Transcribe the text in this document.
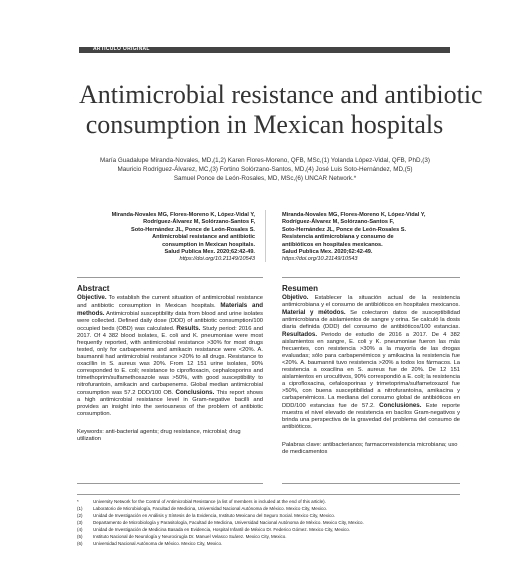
ARTÍCULO ORIGINAL
Antimicrobial resistance and antibiotic
consumption in Mexican hospitals
María Guadalupe Miranda-Novales, MD,(1,2) Karen Flores-Moreno, QFB, MSc,(1) Yolanda López-Vidal, QFB, PhD,(3)
Mauricio Rodríguez-Álvarez, MC,(3) Fortino Solórzano-Santos, MD,(4) José Luis Soto-Hernández, MD,(5)
Samuel Ponce de León-Rosales, MD, MSc,(6) UNCAR Network.*
Miranda-Novales MG, Flores-Moreno K, López-Vidal Y,
Rodríguez-Álvarez M, Solórzano-Santos F,
Soto-Hernández JL, Ponce de León-Rosales S.
Antimicrobial resistance and antibiotic
consumption in Mexican hospitals.
Salud Publica Mex. 2020;62:42-49.
https://doi.org/10.21149/10543
Miranda-Novales MG, Flores-Moreno K, López-Vidal Y,
Rodríguez-Álvarez M, Solórzano-Santos F,
Soto-Hernández JL, Ponce de León-Rosales S.
Resistencia antimicrobiana y consumo de
antibióticos en hospitales mexicanos.
Salud Publica Mex. 2020;62:42-49.
https://doi.org/10.21149/10543
Abstract
Objective. To establish the current situation of antimicrobial resistance and antibiotic consumption in Mexican hospitals. Materials and methods. Antimicrobial susceptibility data from blood and urine isolates were collected. Defined daily dose (DDD) of antibiotic consumption/100 occupied beds (OBD) was calculated. Results. Study period: 2016 and 2017. Of 4 382 blood isolates, E. coli and K. pneumoniae were most frequently reported, with antimicrobial resistance >30% for most drugs tested, only for carbapenems and amikacin resistance were <20%. A. baumannii had antimicrobial resistance >20% to all drugs. Resistance to oxacillin in S. aureus was 20%. From 12 151 urine isolates, 90% corresponded to E. coli; resistance to ciprofloxacin, cephalosporins and trimethoprim/sulfamethoxazole was >50%, with good susceptibility to nitrofurantoin, amikacin and carbapenems. Global median antimicrobial consumption was 57.2 DDD/100 OB. Conclusions. This report shows a high antimicrobial resistance level in Gram-negative bacilli and provides an insight into the seriousness of the problem of antibiotic consumption.
Keywords: anti-bacterial agents; drug resistance, microbial; drug utilization
Resumen
Objetivo. Establecer la situación actual de la resistencia antimicrobiana y el consumo de antibióticos en hospitales mexicanos. Material y métodos. Se colectaron datos de susceptibilidad antimicrobiana de aislamientos de sangre y orina. Se calculó la dosis diaria definida (DDD) del consumo de antibióticos/100 estancias. Resultados. Periodo de estudio de 2016 a 2017. De 4 382 aislamientos en sangre, E. coli y K. pneumoniae fueron las más frecuentes, con resistencia >30% a la mayoría de las drogas evaluadas; sólo para carbapenémicos y amikacina la resistencia fue <20%. A. baumannii tuvo resistencia >20% a todos los fármacos. La resistencia a oxacilina en S. aureus fue de 20%. De 12 151 aislamientos en urocultivos, 90% correspondió a E. coli; la resistencia a ciprofloxacina, cefalosporinas y trimetoprima/sulfametoxazol fue >50%, con buena susceptibilidad a nitrofurantoína, amikacina y carbapenémicos. La mediana del consumo global de antibióticos en DDD/100 estancias fue de 57.2. Conclusiones. Este reporte muestra el nivel elevado de resistencia en bacilos Gram-negativos y brinda una perspectiva de la gravedad del problema del consumo de antibióticos.
Palabras clave: antibacterianos; farmacorresistencia microbiana; uso de medicamentos
*	University Network for the Control of Antimicrobial Resistance (a list of members in included at the end of this article).
(1) Laboratorio de Microbiología, Facultad de Medicina, Universidad Nacional Autónoma de México. Mexico City, Mexico.
(2) Unidad de Investigación en Análisis y Síntesis de la Evidencia, Instituto Mexicano del Seguro Social. Mexico City, Mexico.
(3) Departamento de Microbiología y Parasitología, Facultad de Medicina, Universidad Nacional Autónoma de México. Mexico City, Mexico.
(4) Unidad de Investigación de Medicina Basada en Evidencia, Hospital Infantil de México Dr. Federico Gómez. Mexico City, Mexico.
(5) Instituto Nacional de Neurología y Neurocirugía Dr. Manuel Velasco Suárez. Mexico City, Mexico.
(6) Universidad Nacional Autónoma de México. Mexico City, Mexico.
